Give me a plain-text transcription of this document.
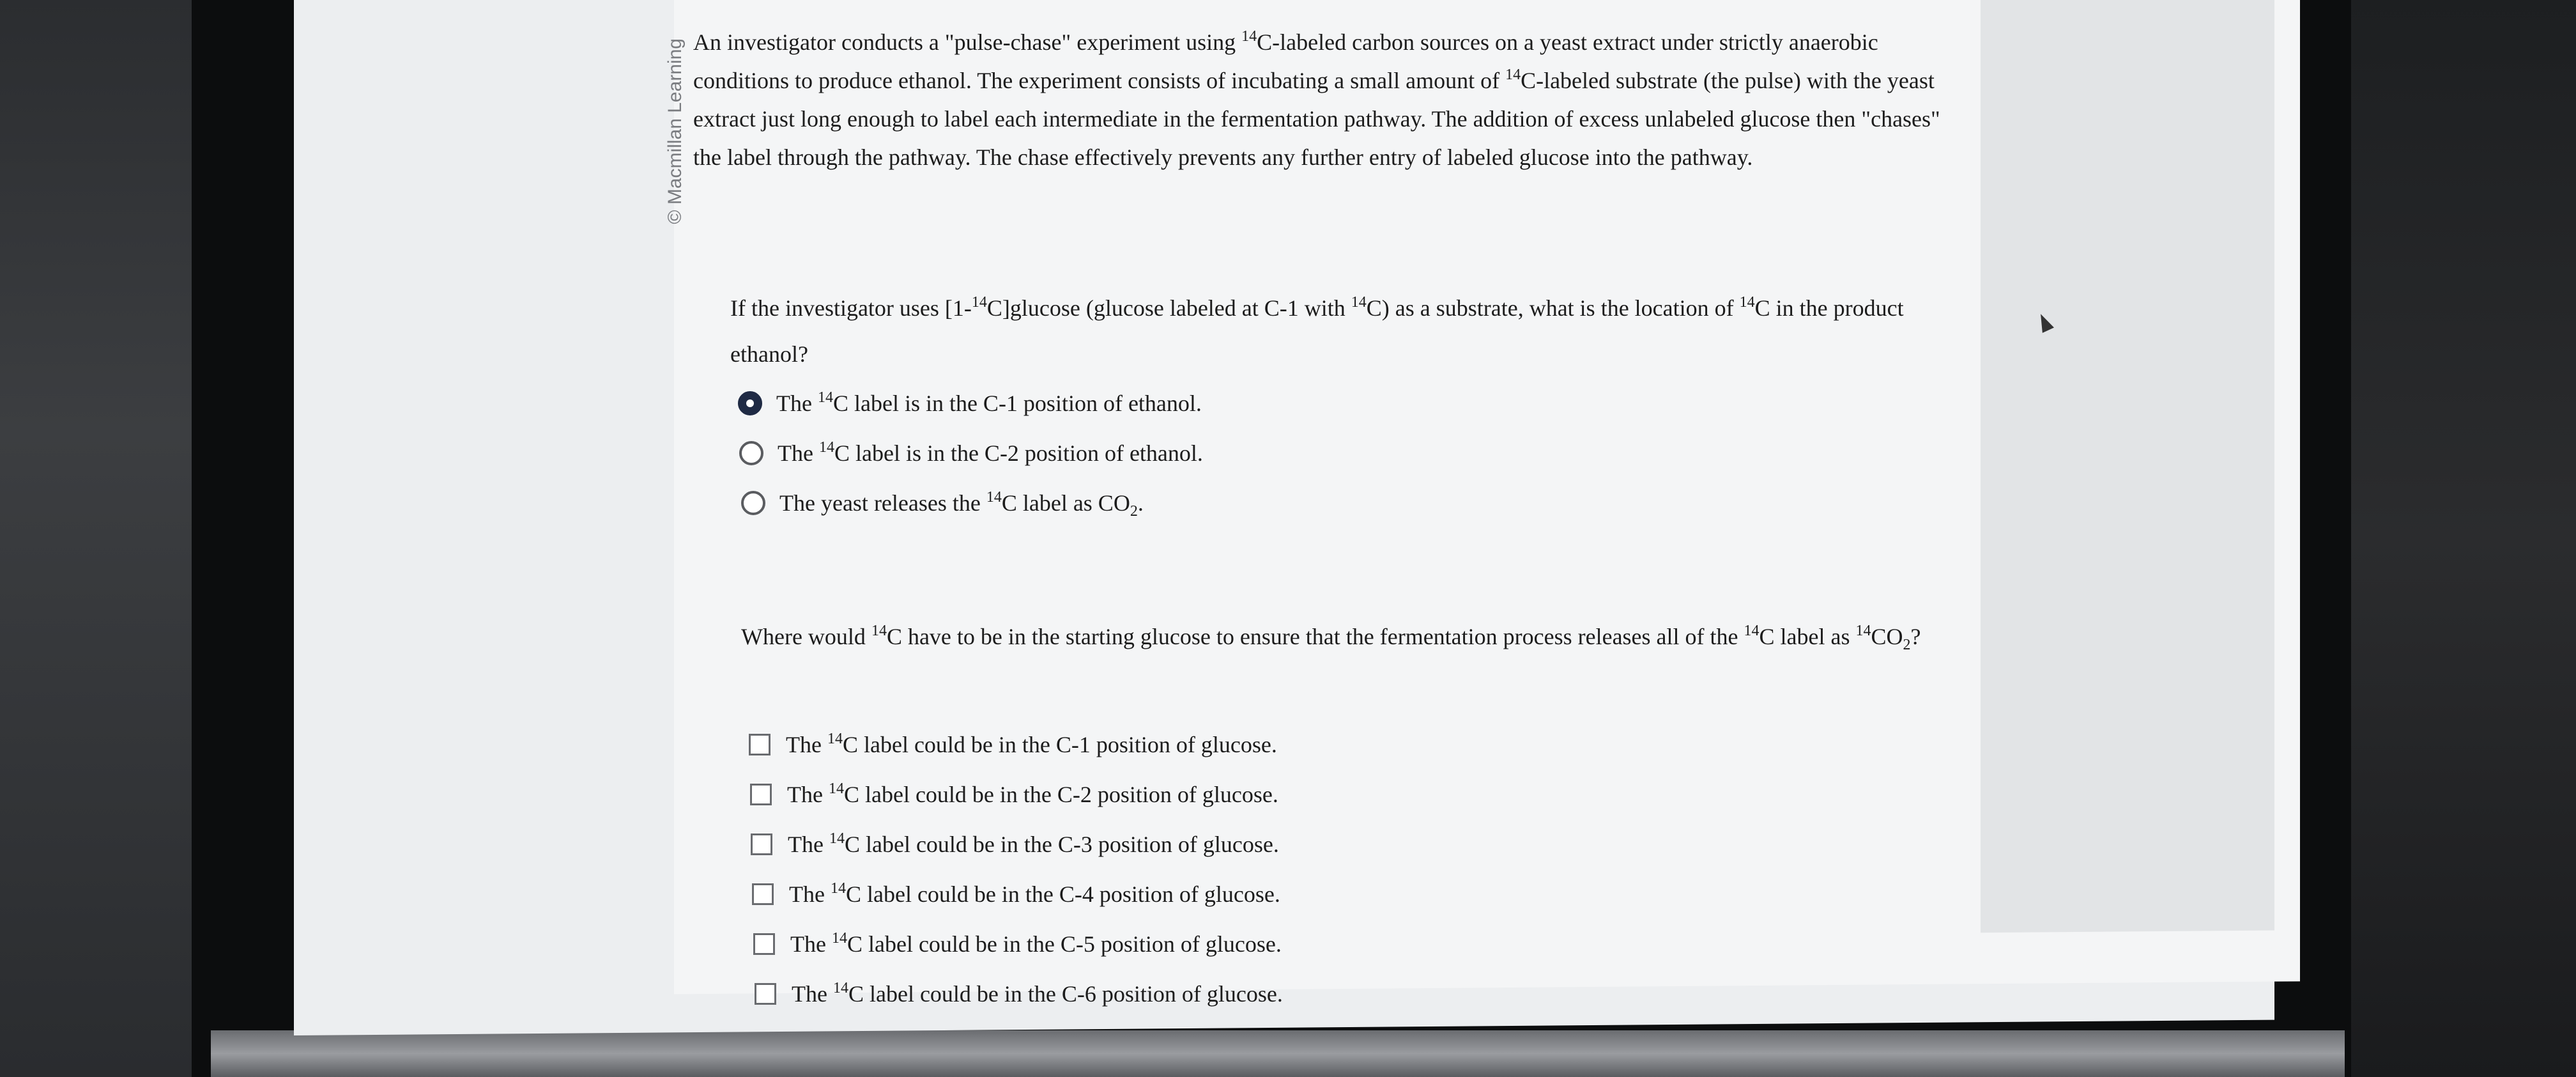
© Macmillan Learning An investigator conducts a "pulse-chase" experiment using $^{14}$C-labeled carbon sources on a yeast extract under strictly anaerobic conditions to produce ethanol. The experiment consists of incubating a small amount of $^{14}$C-labeled substrate (the pulse) with the yeast extract just long enough to label each intermediate in the fermentation pathway. The addition of excess unlabeled glucose then "chases" the label through the pathway. The chase effectively prevents any further entry of labeled glucose into the pathway.
If the investigator uses [1-$^{14}$C]glucose (glucose labeled at C-1 with $^{14}$C) as a substrate, what is the location of $^{14}$C in the product ethanol?
The $^{14}$C label is in the C-1 position of ethanol.
The $^{14}$C label is in the C-2 position of ethanol.
The yeast releases the $^{14}$C label as $CO_2$.
Where would $^{14}$C have to be in the starting glucose to ensure that the fermentation process releases all of the $^{14}$C label as $^{14}CO_2$?
The $^{14}$C label could be in the C-1 position of glucose.
The $^{14}$C label could be in the C-2 position of glucose.
The $^{14}$C label could be in the C-3 position of glucose.
The $^{14}$C label could be in the C-4 position of glucose.
The $^{14}$C label could be in the C-5 position of glucose.
The $^{14}$C label could be in the C-6 position of glucose.
